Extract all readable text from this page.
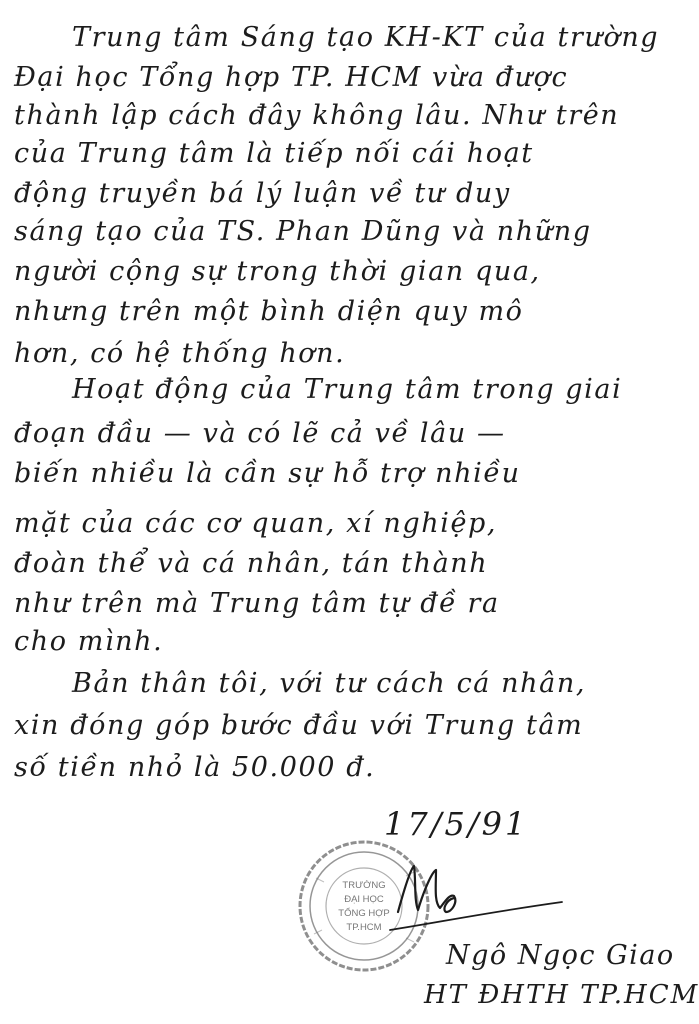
Trung tâm Sáng tạo KH-KT của trường
Đại học Tổng hợp TP. HCM vừa được
thành lập cách đây không lâu. Như trên
của Trung tâm là tiếp nối cái hoạt
động truyền bá lý luận về tư duy
sáng tạo của TS. Phan Dũng và những
người cộng sự trong thời gian qua,
nhưng trên một bình diện quy mô
hơn, có hệ thống hơn.
Hoạt động của Trung tâm trong giai
đoạn đầu — và có lẽ cả về lâu —
biến nhiều là cần sự hỗ trợ nhiều
mặt của các cơ quan, xí nghiệp,
đoàn thể và cá nhân, tán thành
như trên mà Trung tâm tự đề ra
cho mình.
Bản thân tôi, với tư cách cá nhân,
xin đóng góp bước đầu với Trung tâm
số tiền nhỏ là 50.000 đ.
17/5/91
TRƯỜNG
ĐẠI HỌC
TỔNG HỢP
TP.HCM
Ngô Ngọc Giao
HT ĐHTH TP.HCM
